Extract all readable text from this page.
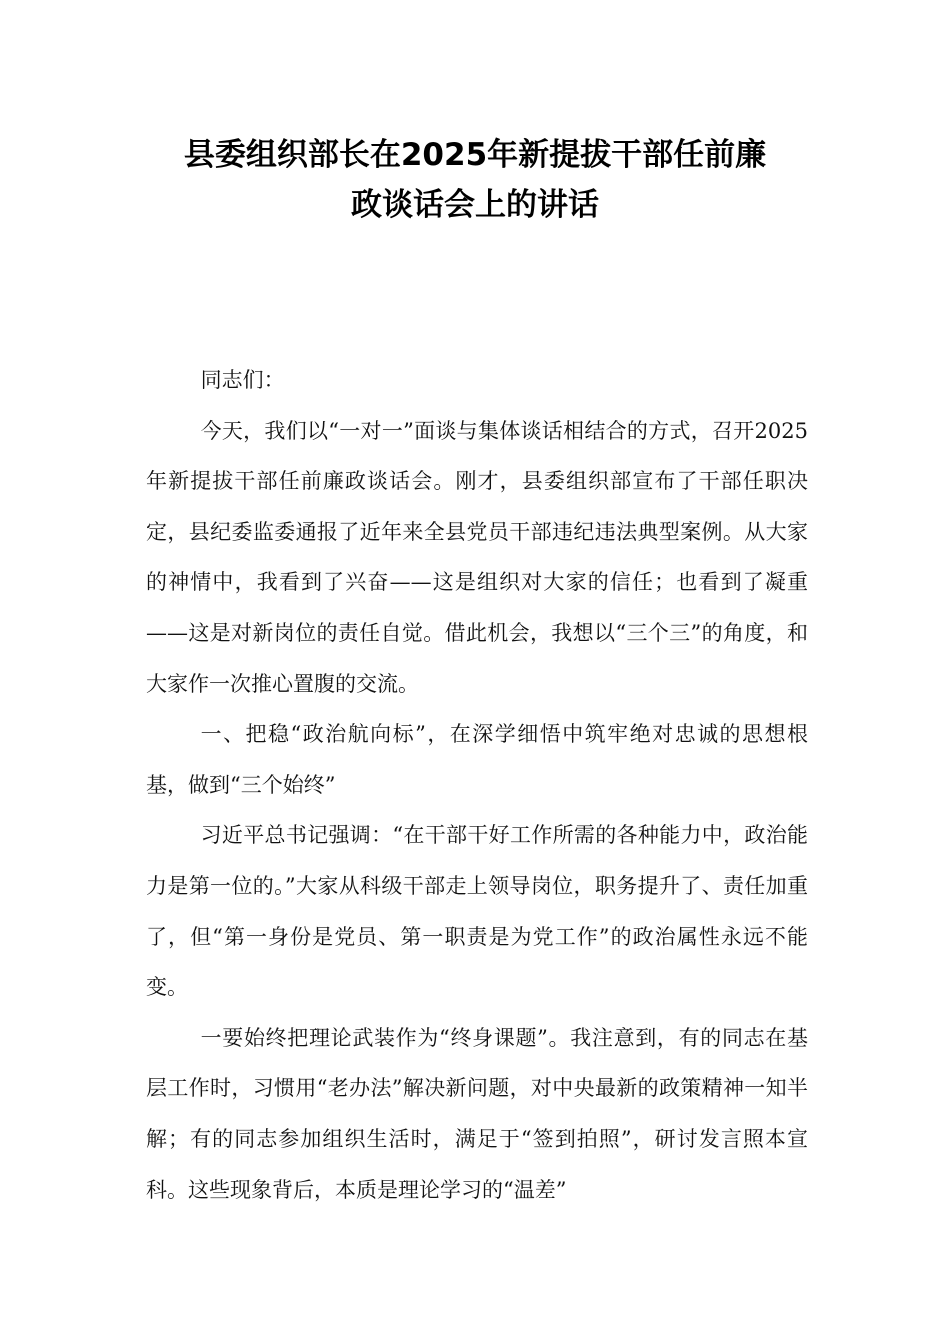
县委组织部长在2025年新提拔干部任前廉
政谈话会上的讲话

同志们：

今天，我们以“一对一”面谈与集体谈话相结合的方式，召开2025年新提拔干部任前廉政谈话会。刚才，县委组织部宣布了干部任职决定，县纪委监委通报了近年来全县党员干部违纪违法典型案例。从大家的神情中，我看到了兴奋——这是组织对大家的信任；也看到了凝重——这是对新岗位的责任自觉。借此机会，我想以“三个三”的角度，和大家作一次推心置腹的交流。

一、把稳“政治航向标”，在深学细悟中筑牢绝对忠诚的思想根基，做到“三个始终”

习近平总书记强调：“在干部干好工作所需的各种能力中，政治能力是第一位的。”大家从科级干部走上领导岗位，职务提升了、责任加重了，但“第一身份是党员、第一职责是为党工作”的政治属性永远不能变。

一要始终把理论武装作为“终身课题”。我注意到，有的同志在基层工作时，习惯用“老办法”解决新问题，对中央最新的政策精神一知半解；有的同志参加组织生活时，满足于“签到拍照”，研讨发言照本宣科。这些现象背后，本质是理论学习的“温差”
